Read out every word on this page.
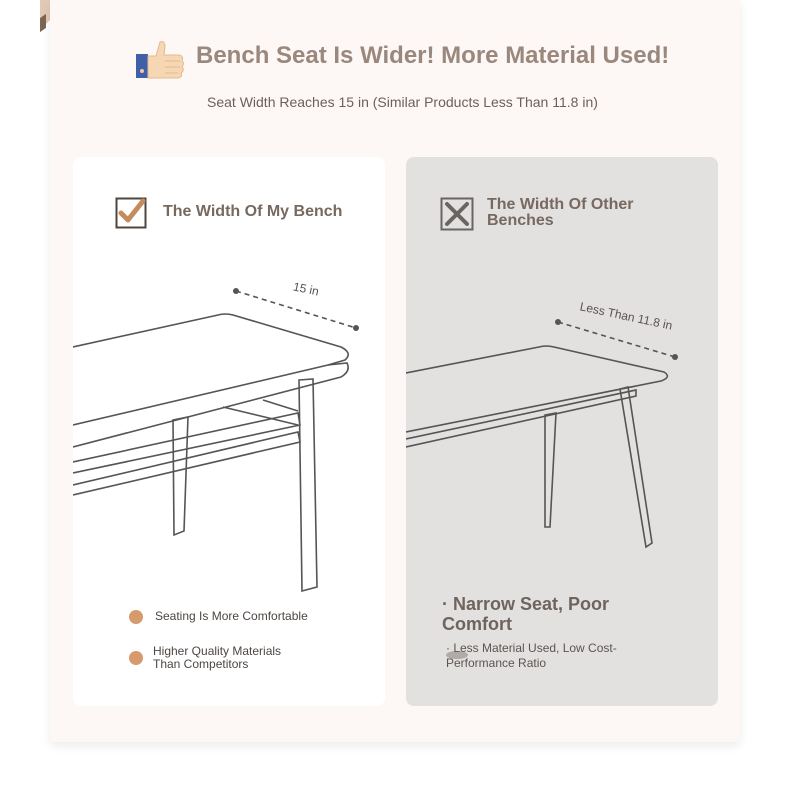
Bench Seat Is Wider! More Material Used!
Seat Width Reaches 15 in (Similar Products Less Than 11.8 in)
The Width Of My Bench
15 in
Seating Is More Comfortable
Higher Quality Materials Than Competitors
The Width Of Other Benches
Less Than 11.8 in
· Narrow Seat, Poor Comfort
· Less Material Used, Low Cost-Performance Ratio
